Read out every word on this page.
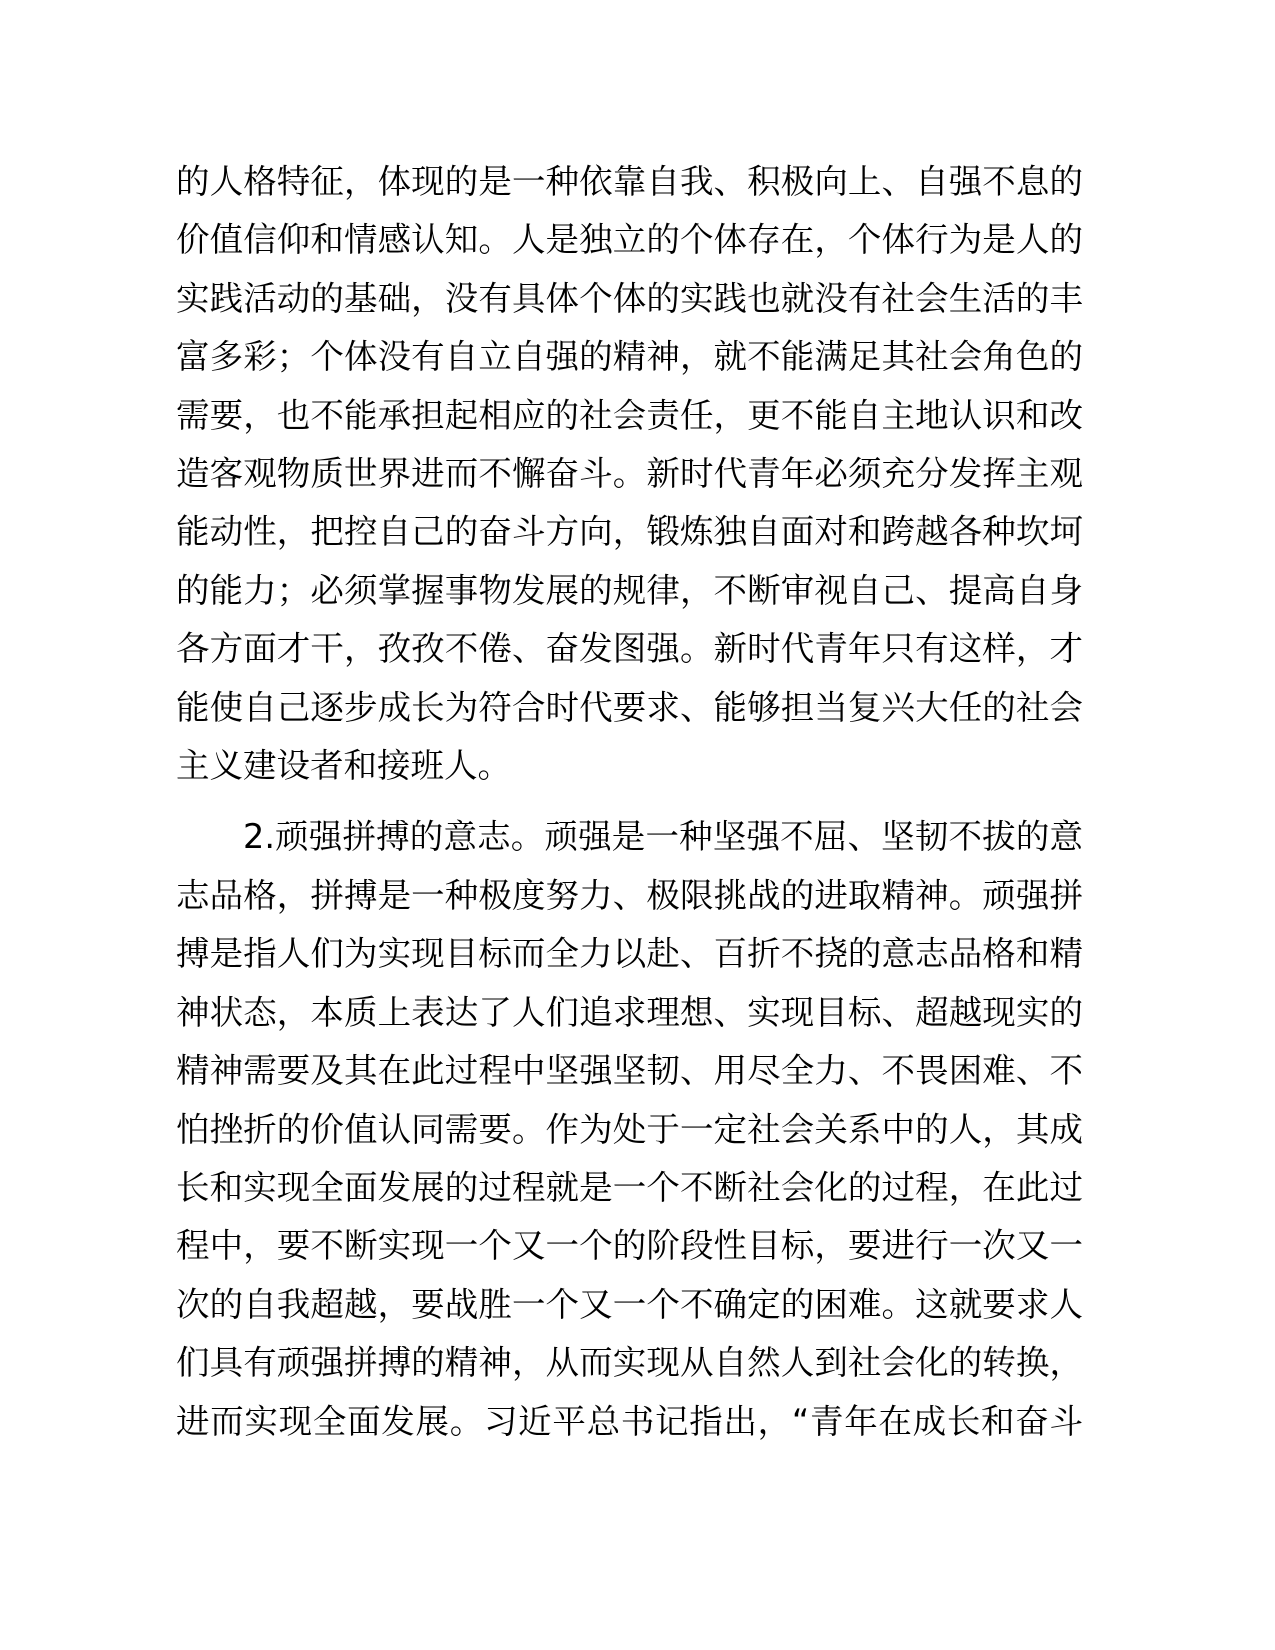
的人格特征，体现的是一种依靠自我、积极向上、自强不息的
价值信仰和情感认知。人是独立的个体存在，个体行为是人的
实践活动的基础，没有具体个体的实践也就没有社会生活的丰
富多彩；个体没有自立自强的精神，就不能满足其社会角色的
需要，也不能承担起相应的社会责任，更不能自主地认识和改
造客观物质世界进而不懈奋斗。新时代青年必须充分发挥主观
能动性，把控自己的奋斗方向，锻炼独自面对和跨越各种坎坷
的能力；必须掌握事物发展的规律，不断审视自己、提高自身
各方面才干，孜孜不倦、奋发图强。新时代青年只有这样，才
能使自己逐步成长为符合时代要求、能够担当复兴大任的社会
主义建设者和接班人。
2.顽强拼搏的意志。顽强是一种坚强不屈、坚韧不拔的意
志品格，拼搏是一种极度努力、极限挑战的进取精神。顽强拼
搏是指人们为实现目标而全力以赴、百折不挠的意志品格和精
神状态，本质上表达了人们追求理想、实现目标、超越现实的
精神需要及其在此过程中坚强坚韧、用尽全力、不畏困难、不
怕挫折的价值认同需要。作为处于一定社会关系中的人，其成
长和实现全面发展的过程就是一个不断社会化的过程，在此过
程中，要不断实现一个又一个的阶段性目标，要进行一次又一
次的自我超越，要战胜一个又一个不确定的困难。这就要求人
们具有顽强拼搏的精神，从而实现从自然人到社会化的转换，
进而实现全面发展。习近平总书记指出，“青年在成长和奋斗
